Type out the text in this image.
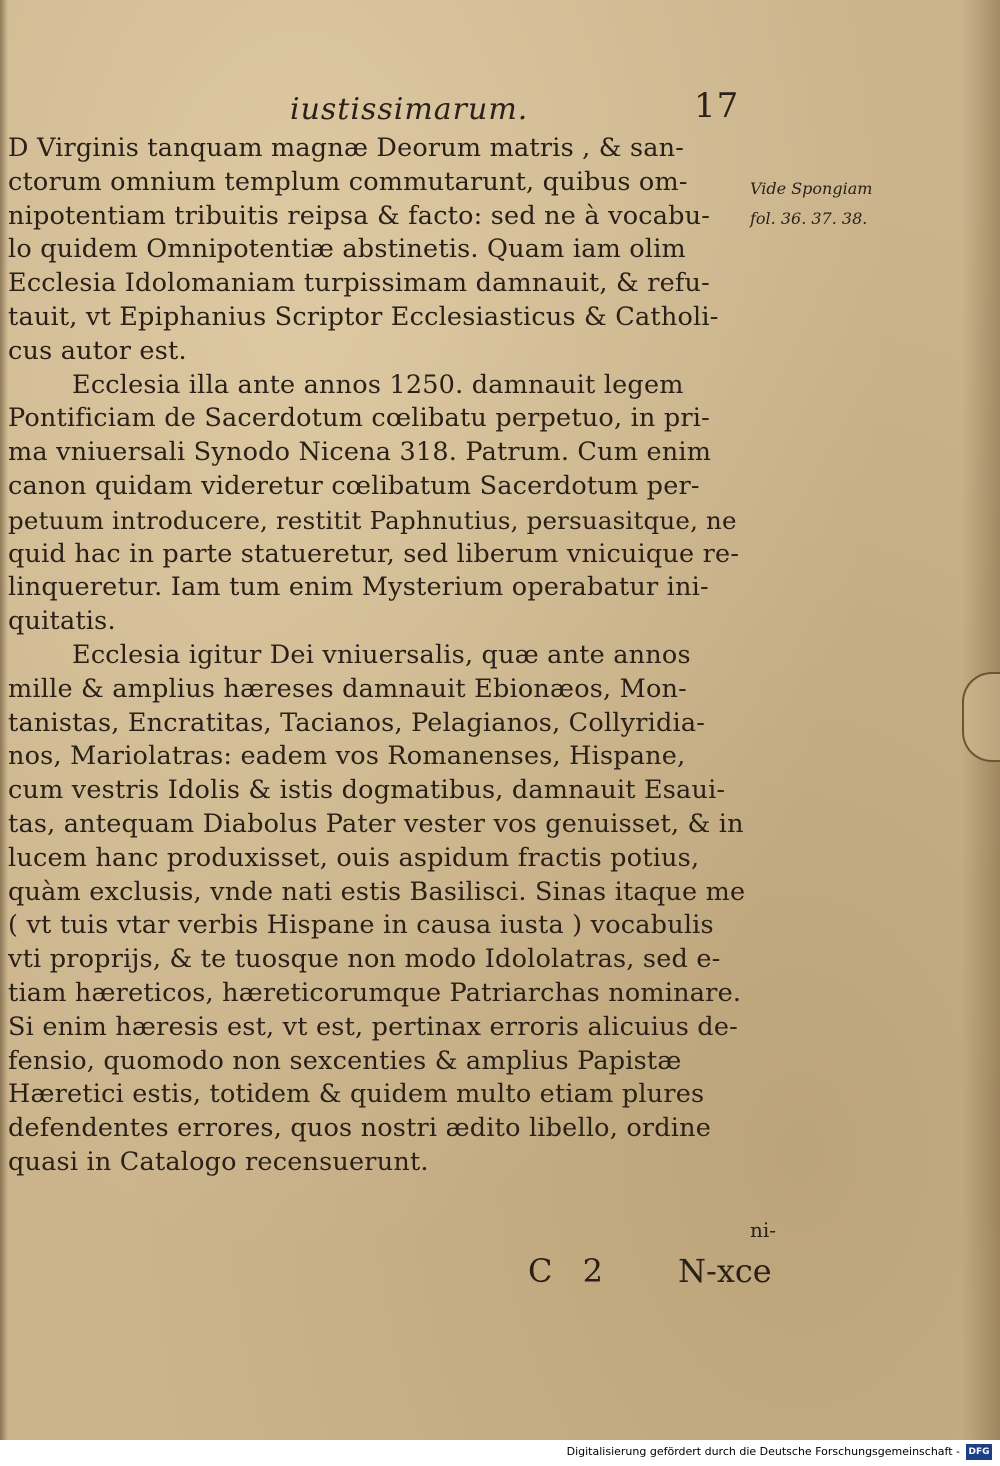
iustissimarum.	17
D Virginis tanquam magnæ Deorum matris , & san-
ctorum omnium templum commutarunt, quibus om-
nipotentiam tribuitis reipsa & facto: sed ne à vocabu-
lo quidem Omnipotentiæ abstinetis. Quam iam olim
Ecclesia Idolomaniam turpissimam damnauit, & refu-
tauit, vt Epiphanius Scriptor Ecclesiasticus & Catholi-
cus autor est.
Ecclesia illa ante annos 1250. damnauit legem
Pontificiam de Sacerdotum cœlibatu perpetuo, in pri-
ma vniuersali Synodo Nicena 318. Patrum. Cum enim
canon quidam videretur cœlibatum Sacerdotum per-
petuum introducere, restitit Paphnutius, persuasitque, ne
quid hac in parte statueretur, sed liberum vnicuique re-
linqueretur. Iam tum enim Mysterium operabatur ini-
quitatis.
Ecclesia igitur Dei vniuersalis, quæ ante annos
mille & amplius hæreses damnauit Ebionæos, Mon-
tanistas, Encratitas, Tacianos, Pelagianos, Collyridia-
nos, Mariolatras: eadem vos Romanenses, Hispane,
cum vestris Idolis & istis dogmatibus, damnauit Esaui-
tas, antequam Diabolus Pater vester vos genuisset, & in
lucem hanc produxisset, ouis aspidum fractis potius,
quàm exclusis, vnde nati estis Basilisci. Sinas itaque me
( vt tuis vtar verbis Hispane in causa iusta ) vocabulis
vti proprijs, & te tuosque non modo Idololatras, sed e-
tiam hæreticos, hæreticorumque Patriarchas nominare.
Si enim hæresis est, vt est, pertinax erroris alicuius de-
fensio, quomodo non sexcenties & amplius Papistæ
Hæretici estis, totidem & quidem multo etiam plures
defendentes errores, quos nostri ædito libello, ordine
quasi in Catalogo recensuerunt.
Vide Spongiam
fol. 36. 37. 38.
C 2 N-xce
ni-
Digitalisierung gefördert durch die Deutsche Forschungsgemeinschaft - DFG
